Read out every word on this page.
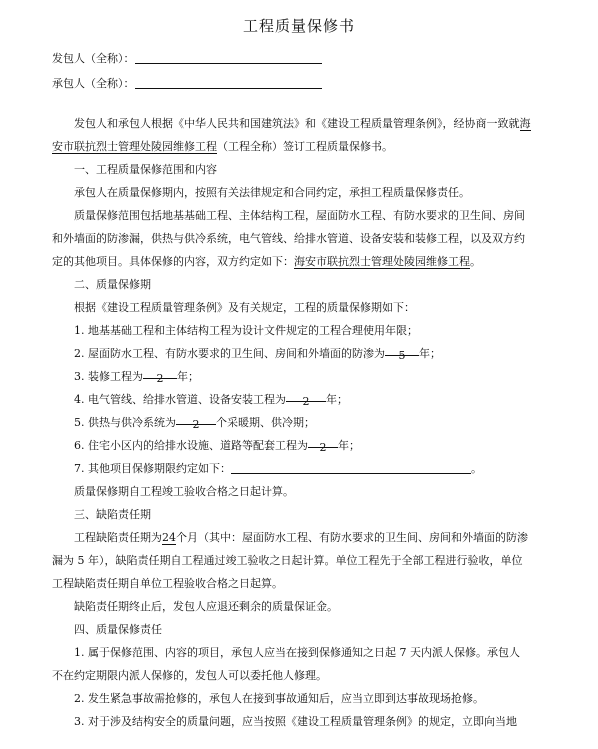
工程质量保修书
发包人（全称）：
承包人（全称）：
发包人和承包人根据《中华人民共和国建筑法》和《建设工程质量管理条例》，经协商一致就海
安市联抗烈士管理处陵园维修工程（工程全称）签订工程质量保修书。
一、工程质量保修范围和内容
承包人在质量保修期内，按照有关法律规定和合同约定，承担工程质量保修责任。
质量保修范围包括地基基础工程、主体结构工程，屋面防水工程、有防水要求的卫生间、房间
和外墙面的防渗漏，供热与供冷系统，电气管线、给排水管道、设备安装和装修工程，以及双方约
定的其他项目。具体保修的内容，双方约定如下：海安市联抗烈士管理处陵园维修工程。
二、质量保修期
根据《建设工程质量管理条例》及有关规定，工程的质量保修期如下：
1. 地基基础工程和主体结构工程为设计文件规定的工程合理使用年限；
2. 屋面防水工程、有防水要求的卫生间、房间和外墙面的防渗为 5 年；
3. 装修工程为 2 年；
4. 电气管线、给排水管道、设备安装工程为 2 年；
5. 供热与供冷系统为 2 个采暖期、供冷期；
6. 住宅小区内的给排水设施、道路等配套工程为 2 年；
7. 其他项目保修期限约定如下：	。
质量保修期自工程竣工验收合格之日起计算。
三、缺陷责任期
工程缺陷责任期为24个月（其中：屋面防水工程、有防水要求的卫生间、房间和外墙面的防渗
漏为 5 年），缺陷责任期自工程通过竣工验收之日起计算。单位工程先于全部工程进行验收，单位
工程缺陷责任期自单位工程验收合格之日起算。
缺陷责任期终止后，发包人应退还剩余的质量保证金。
四、质量保修责任
1. 属于保修范围、内容的项目，承包人应当在接到保修通知之日起 7 天内派人保修。承包人
不在约定期限内派人保修的，发包人可以委托他人修理。
2. 发生紧急事故需抢修的，承包人在接到事故通知后，应当立即到达事故现场抢修。
3. 对于涉及结构安全的质量问题，应当按照《建设工程质量管理条例》的规定，立即向当地
